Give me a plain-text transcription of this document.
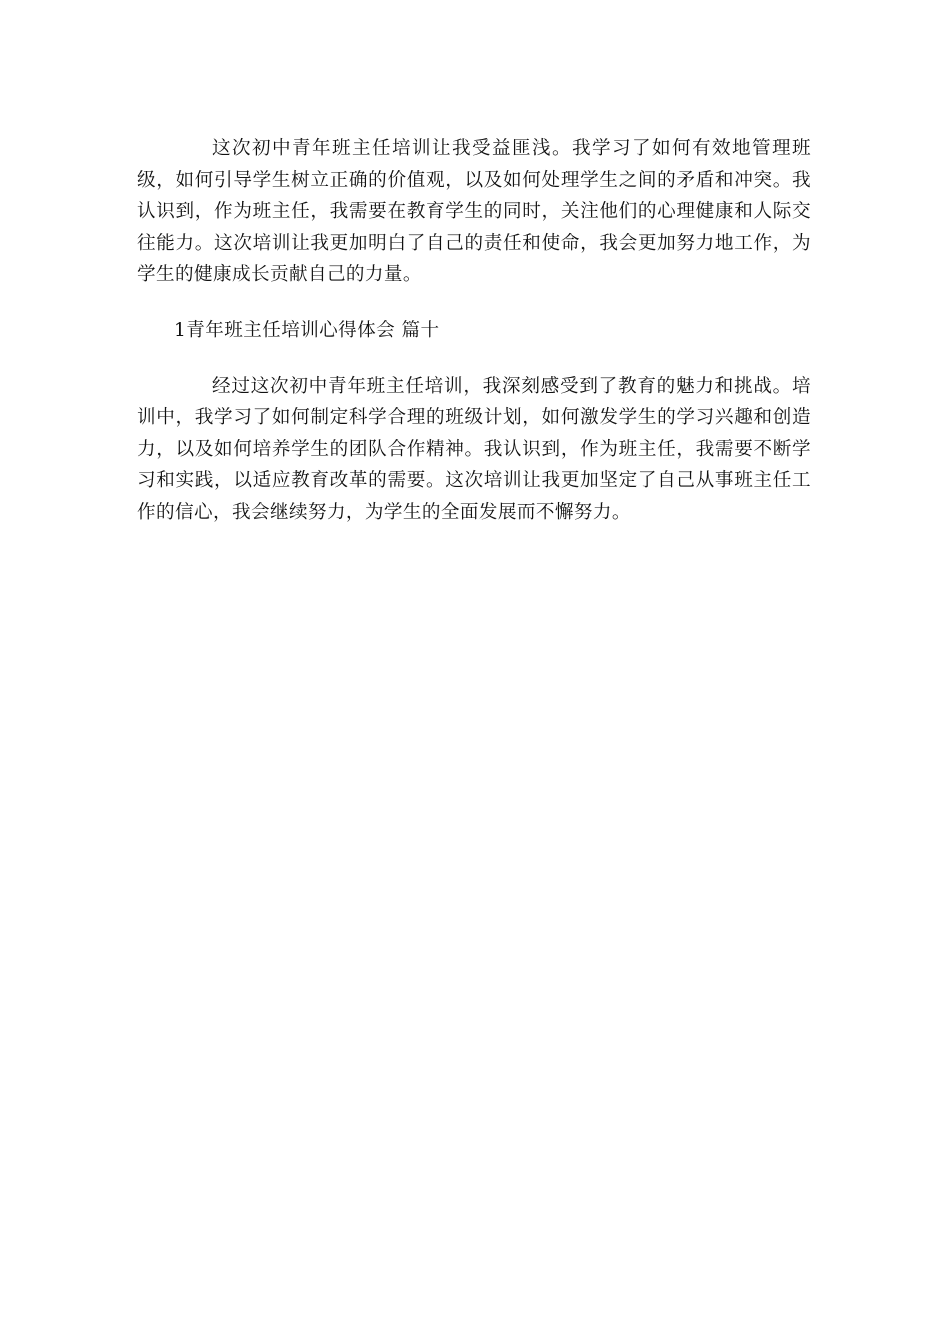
这次初中青年班主任培训让我受益匪浅。我学习了如何有效地管理班级，如何引导学生树立正确的价值观，以及如何处理学生之间的矛盾和冲突。我认识到，作为班主任，我需要在教育学生的同时，关注他们的心理健康和人际交往能力。这次培训让我更加明白了自己的责任和使命，我会更加努力地工作，为学生的健康成长贡献自己的力量。

1青年班主任培训心得体会 篇十

经过这次初中青年班主任培训，我深刻感受到了教育的魅力和挑战。培训中，我学习了如何制定科学合理的班级计划，如何激发学生的学习兴趣和创造力，以及如何培养学生的团队合作精神。我认识到，作为班主任，我需要不断学习和实践，以适应教育改革的需要。这次培训让我更加坚定了自己从事班主任工作的信心，我会继续努力，为学生的全面发展而不懈努力。
